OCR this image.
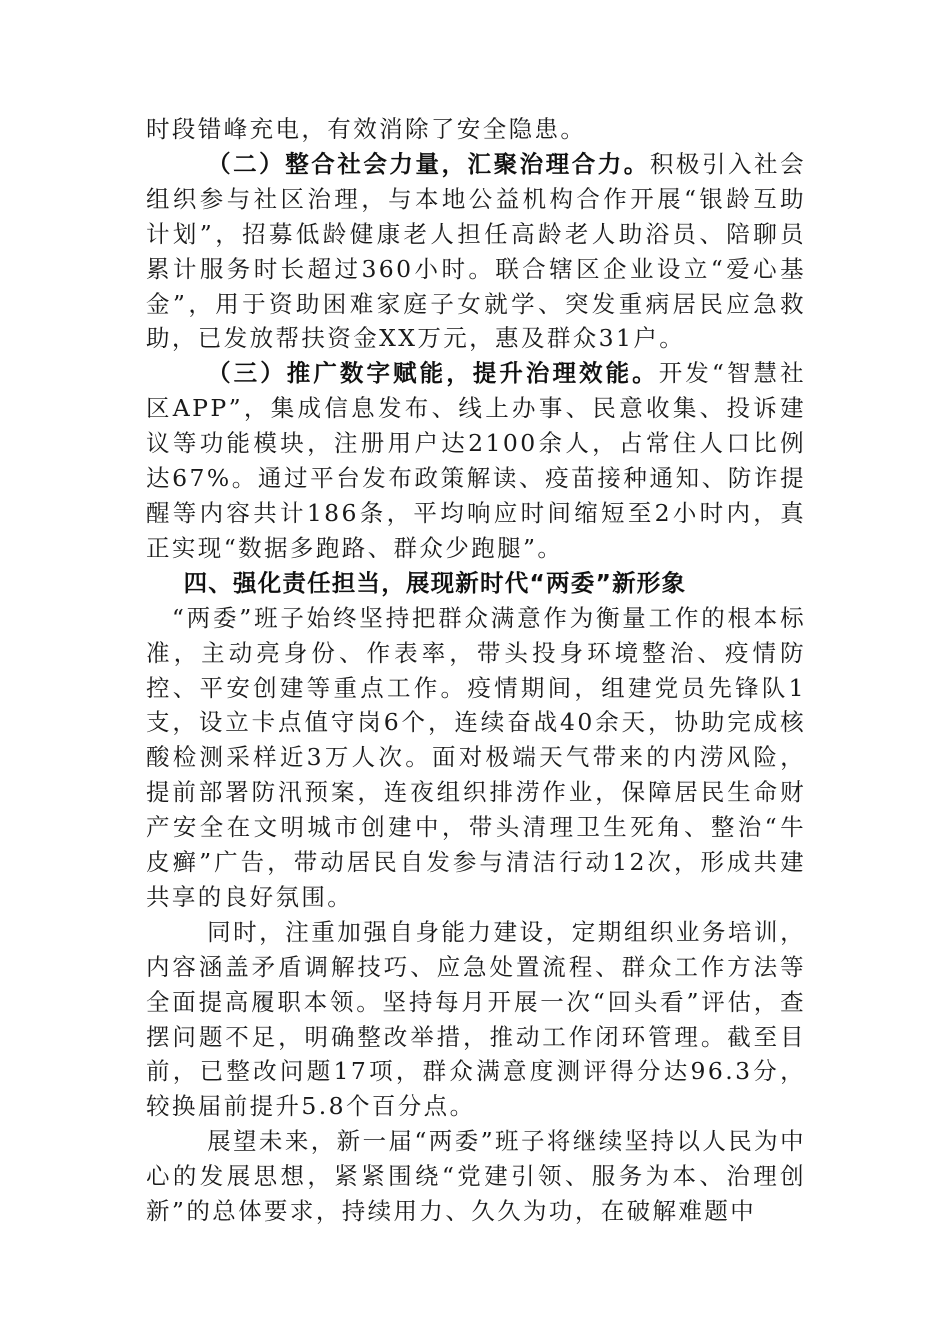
时段错峰充电，有效消除了安全隐患。

（二）整合社会力量，汇聚治理合力。积极引入社会组织参与社区治理，与本地公益机构合作开展“银龄互助计划”，招募低龄健康老人担任高龄老人助浴员、陪聊员累计服务时长超过360小时。联合辖区企业设立“爱心基金”，用于资助困难家庭子女就学、突发重病居民应急救助，已发放帮扶资金XX万元，惠及群众31户。

（三）推广数字赋能，提升治理效能。开发“智慧社区APP”，集成信息发布、线上办事、民意收集、投诉建议等功能模块，注册用户达2100余人，占常住人口比例达67%。通过平台发布政策解读、疫苗接种通知、防诈提醒等内容共计186条，平均响应时间缩短至2小时内，真正实现“数据多跑路、群众少跑腿”。

四、强化责任担当，展现新时代“两委”新形象

“两委”班子始终坚持把群众满意作为衡量工作的根本标准，主动亮身份、作表率，带头投身环境整治、疫情防控、平安创建等重点工作。疫情期间，组建党员先锋队1支，设立卡点值守岗6个，连续奋战40余天，协助完成核酸检测采样近3万人次。面对极端天气带来的内涝风险，提前部署防汛预案，连夜组织排涝作业，保障居民生命财产安全在文明城市创建中，带头清理卫生死角、整治“牛皮癣”广告，带动居民自发参与清洁行动12次，形成共建共享的良好氛围。

同时，注重加强自身能力建设，定期组织业务培训，内容涵盖矛盾调解技巧、应急处置流程、群众工作方法等全面提高履职本领。坚持每月开展一次“回头看”评估，查摆问题不足，明确整改举措，推动工作闭环管理。截至目前，已整改问题17项，群众满意度测评得分达96.3分，较换届前提升5.8个百分点。

展望未来，新一届“两委”班子将继续坚持以人民为中心的发展思想，紧紧围绕“党建引领、服务为本、治理创新”的总体要求，持续用力、久久为功，在破解难题中
